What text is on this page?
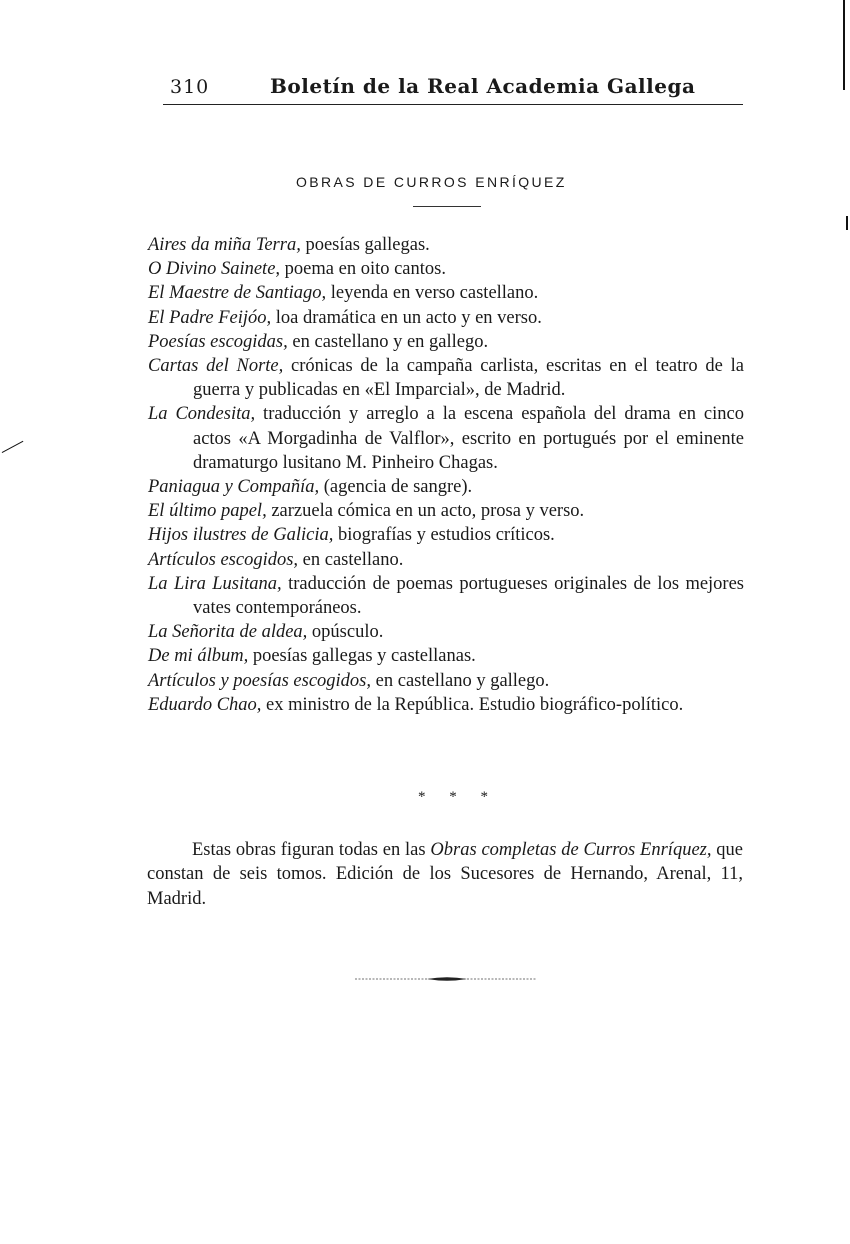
310	Boletín de la Real Academia Gallega
OBRAS DE CURROS ENRÍQUEZ
Aires da miña Terra, poesías gallegas.
O Divino Sainete, poema en oito cantos.
El Maestre de Santiago, leyenda en verso castellano.
El Padre Feijóo, loa dramática en un acto y en verso.
Poesías escogidas, en castellano y en gallego.
Cartas del Norte, crónicas de la campaña carlista, escritas en el teatro de la guerra y publicadas en «El Imparcial», de Madrid.
La Condesita, traducción y arreglo a la escena española del drama en cinco actos «A Morgadinha de Valflor», escrito en portugués por el eminente dramaturgo lusitano M. Pinheiro Chagas.
Paniagua y Compañía, (agencia de sangre).
El último papel, zarzuela cómica en un acto, prosa y verso.
Hijos ilustres de Galicia, biografías y estudios críticos.
Artículos escogidos, en castellano.
La Lira Lusitana, traducción de poemas portugueses originales de los mejores vates contemporáneos.
La Señorita de aldea, opúsculo.
De mi álbum, poesías gallegas y castellanas.
Artículos y poesías escogidos, en castellano y gallego.
Eduardo Chao, ex ministro de la República. Estudio biográfico-político.
* * *

Estas obras figuran todas en las Obras completas de Curros Enríquez, que constan de seis tomos. Edición de los Sucesores de Hernando, Arenal, 11, Madrid.
